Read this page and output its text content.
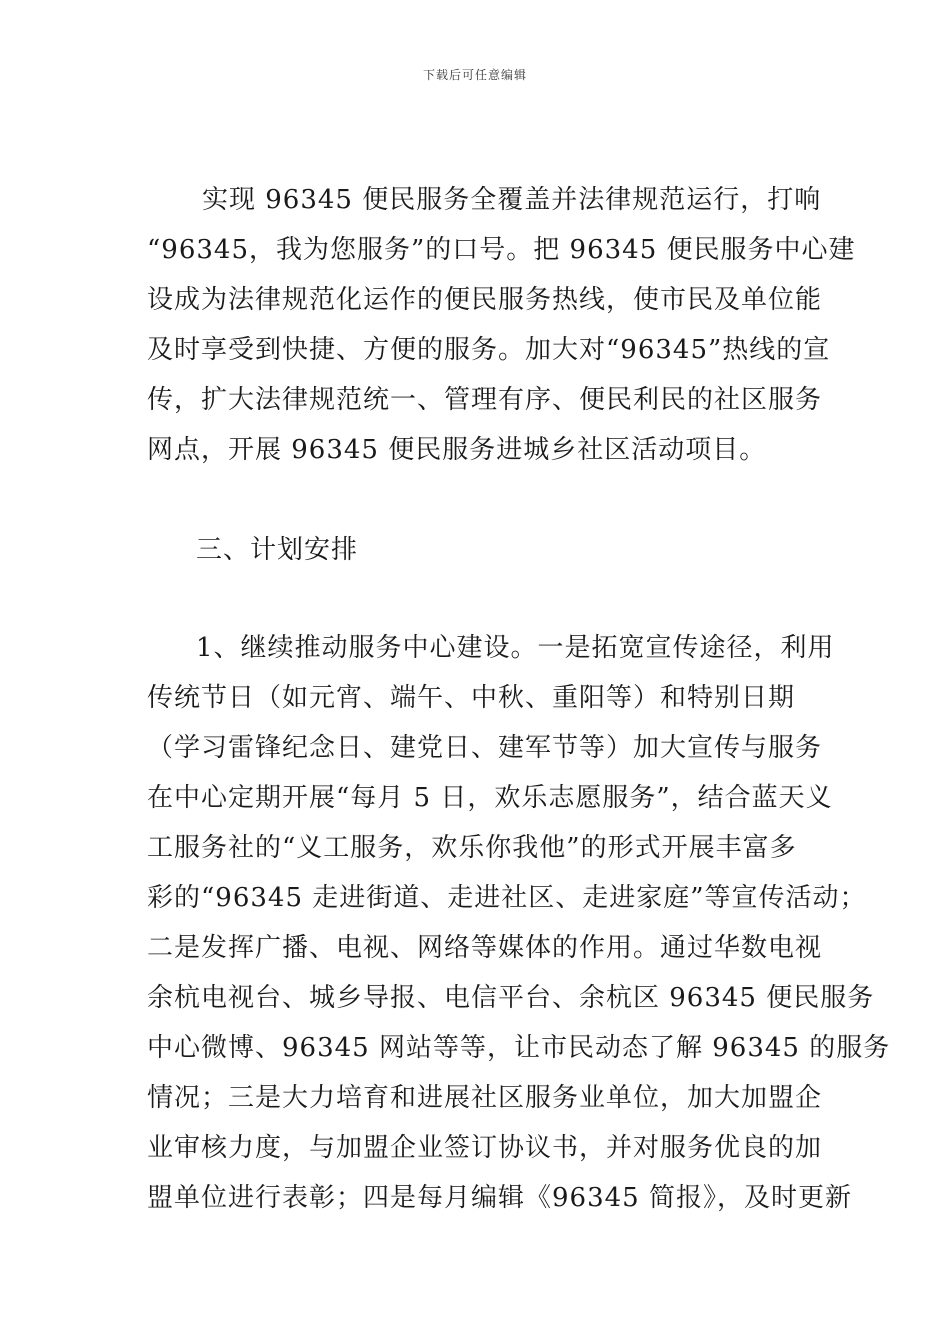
下载后可任意编辑
实现 96345 便民服务全覆盖并法律规范运行，打响
“96345，我为您服务”的口号。把 96345 便民服务中心建
设成为法律规范化运作的便民服务热线，使市民及单位能
及时享受到快捷、方便的服务。加大对“96345”热线的宣
传，扩大法律规范统一、管理有序、便民利民的社区服务
网点，开展 96345 便民服务进城乡社区活动项目。
三、计划安排
1、继续推动服务中心建设。一是拓宽宣传途径，利用
传统节日（如元宵、端午、中秋、重阳等）和特别日期
（学习雷锋纪念日、建党日、建军节等）加大宣传与服务
在中心定期开展“每月 5 日，欢乐志愿服务”，结合蓝天义
工服务社的“义工服务，欢乐你我他”的形式开展丰富多
彩的“96345 走进街道、走进社区、走进家庭”等宣传活动；
二是发挥广播、电视、网络等媒体的作用。通过华数电视
余杭电视台、城乡导报、电信平台、余杭区 96345 便民服务
中心微博、96345 网站等等，让市民动态了解 96345 的服务
情况；三是大力培育和进展社区服务业单位，加大加盟企
业审核力度，与加盟企业签订协议书，并对服务优良的加
盟单位进行表彰；四是每月编辑《96345 简报》，及时更新
